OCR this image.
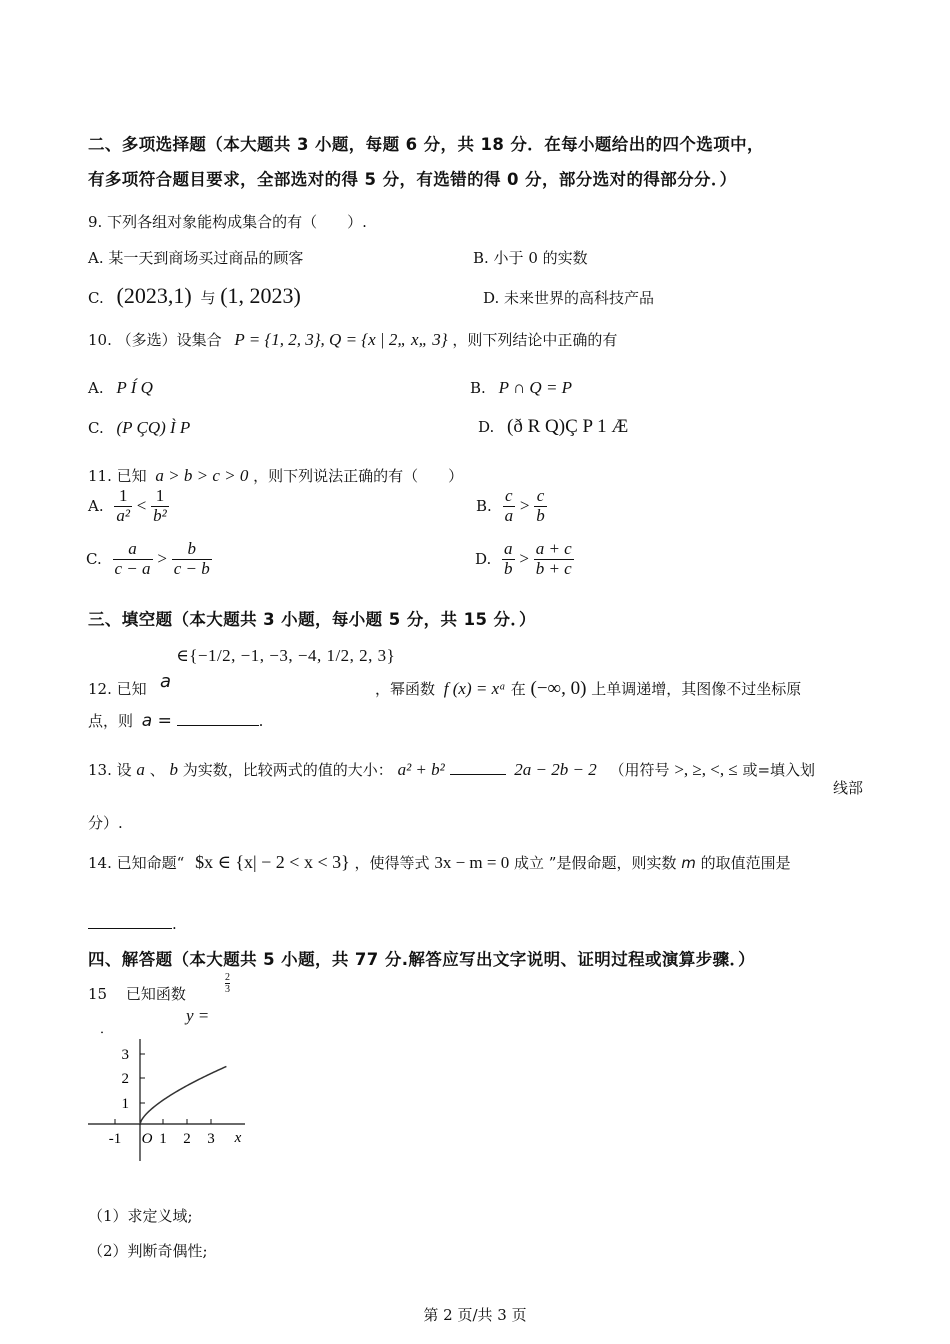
二、多项选择题（本大题共 3 小题，每题 6 分，共 18 分．在每小题给出的四个选项中，
有多项符合题目要求，全部选对的得 5 分，有选错的得 0 分，部分选对的得部分分．）
9. 下列各组对象能构成集合的有（　　）.
A. 某一天到商场买过商品的顾客	B. 小于 0 的实数
C. (2023,1) 与 (1, 2023)	D. 未来世界的高科技产品
10. （多选）设集合 P = {1, 2, 3}, Q = {x | 2„ x„ 3} ，则下列结论中正确的有
A. P Í Q	B. P ∩ Q = P
C. (P ÇQ) Ì P	D. (ð R Q)Ç P 1 Æ
11. 已知 a > b > c > 0 ，则下列说法正确的有（　　）
A. $\frac{1}{\text{a²}} < \frac{1}{\text{b²}}$	B. $\frac{c}{a} > \frac{c}{b}$
C. $\frac{a}{c - a} > \frac{b}{c - b}$	D. $\frac{a}{b} > \frac{a + c}{b + c}$
三、填空题（本大题共 3 小题，每小题 5 分，共 15 分．）
a ∈{−1/2, −1, −3, −4, 1/2, 2, 3}
12. 已知	，幂函数 f (x) = xᵃ 在 (−∞, 0) 上单调递增，其图像不过坐标原
点，则 a =	.
13. 设 a 、 b 为实数，比较两式的值的大小： a² + b²	2a − 2b − 2 （用符号 >, ≥, <, ≤ 或=填入划
线部
分）.
14. 已知命题“ $x ∈ {x| − 2 < x < 3} ，使得等式 3x − m = 0 成立 ”是假命题，则实数 m 的取值范围是
.
四、解答题（本大题共 5 小题，共 77 分.解答应写出文字说明、证明过程或演算步骤．）
15 已知函数	$\frac{2}{3}$
y =
．
3
2
1
-1 O 1 2 3 x
（1）求定义域;
（2）判断奇偶性;
第 2 页/共 3 页
